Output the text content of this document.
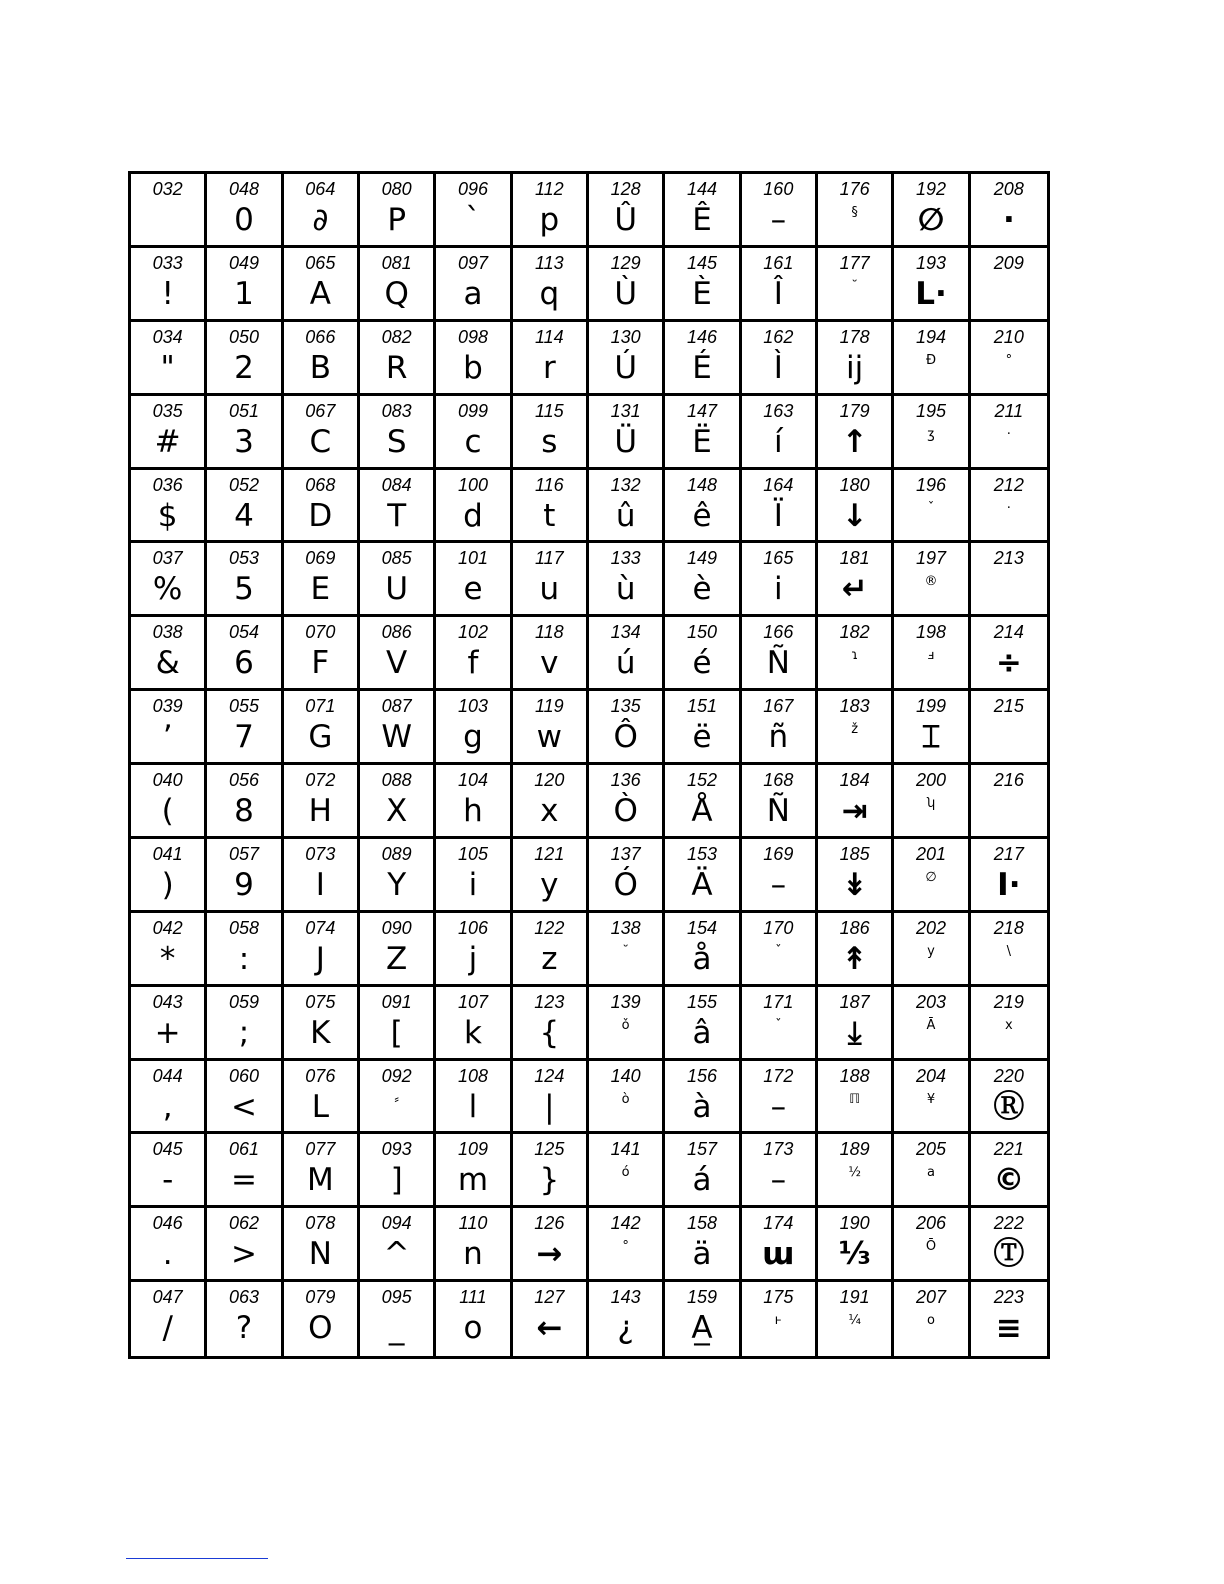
032	048
0
064
∂
080
P
096
`
112
p
128
Û
144
Ê
160
–
176
§
192
∅
208
·
033
!
049
1
065
A
081
Q
097
a
113
q
129
Ù
145
È
161
Î
177
˘
193
L·
209
034
"
050
2
066
B
082
R
098
b
114
r
130
Ú
146
É
162
Ì
178
ij
194
Ð
210
°
035
#
051
3
067
C
083
S
099
c
115
s
131
Ü
147
Ë
163
í
179
↑
195
ʒ
211
·
036
$
052
4
068
D
084
T
100
d
116
t
132
û
148
ê
164
Ï
180
↓
196
ˇ
212
·
037
%
053
5
069
E
085
U
101
e
117
u
133
ù
149
è
165
i
181
↵
197
®
213
038
&
054
6
070
F
086
V
102
f
118
v
134
ú
150
é
166
Ñ
182
ɿ
198
ⅎ
214
÷
039
’
055
7
071
G
087
W
103
g
119
w
135
Ô
151
ë
167
ñ
183
ž
199
⌶
215
040
(
056
8
072
H
088
X
104
h
120
x
136
Ò
152
Å
168
Ñ
184
⇥
200
ʮ
216
041
)
057
9
073
I
089
Y
105
i
121
y
137
Ó
153
Ä
169
–
185
↡
201
∅
217
I·
042
*
058
:
074
J
090
Z
106
j
122
z
138
˘
154
å
170
ˇ
186
↟
202
y
218
\
043
+
059
;
075
K
091
[
107
k
123
{
139
ǒ
155
â
171
ˇ
187
⤓
203
Ā
219
x
044
,
060
<
076
L
092
⸗
108
l
124
|
140
ò
156
à
172
–
188
ℿ
204
¥
220
Ⓡ
045
-
061
=
077
M
093
]
109
m
125
}
141
ó
157
á
173
–
189
½
205
a
221
©
046
.
062
>
078
N
094
^
110
n
126
→
142
°
158
ä
174
ɯ
190
⅓
206
Ō
222
Ⓣ
047
/
063
?
079
O
095
_
111
o
127
←
143
¿
159
A̲
175
ⱶ
191
¼
207
o
223
≡
